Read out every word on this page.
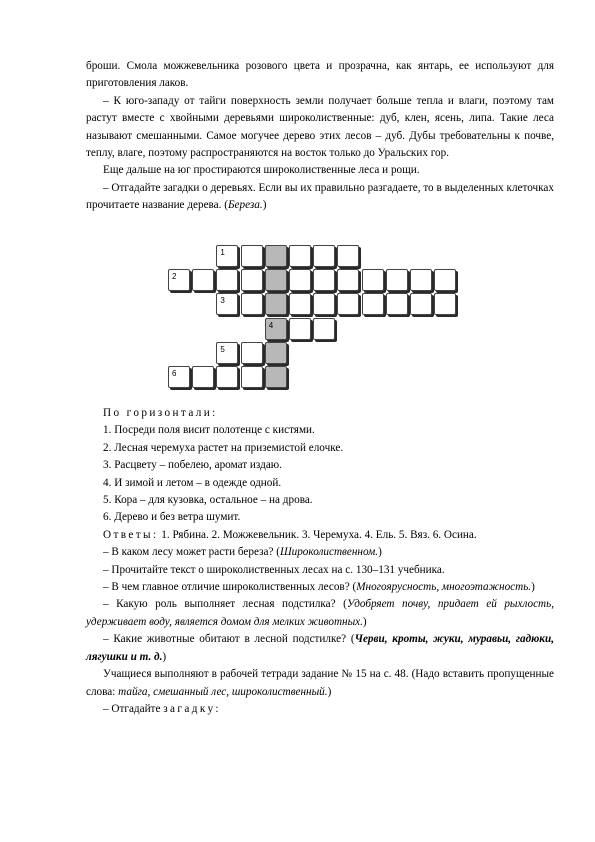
броши. Смола можжевельника розового цвета и прозрачна, как янтарь, ее используют для приготовления лаков.

– К юго-западу от тайги поверхность земли получает больше тепла и влаги, поэтому там растут вместе с хвойными деревьями широколиственные: дуб, клен, ясень, липа. Такие леса называют смешанными. Самое могучее дерево этих лесов – дуб. Дубы требовательны к почве, теплу, влаге, поэтому распространяются на восток только до Уральских гор.

Еще дальше на юг простираются широколиственные леса и рощи.

– Отгадайте загадки о деревьях. Если вы их правильно разгадаете, то в выделенных клеточках прочитаете название дерева. (Береза.)

1
2
3
4
5
6

По горизонтали:

1. Посреди поля висит полотенце с кистями.

2. Лесная черемуха растет на приземистой елочке.

3. Расцвету – побелею, аромат издаю.

4. И зимой и летом – в одежде одной.

5. Кора – для кузовка, остальное – на дрова.

6. Дерево и без ветра шумит.

Ответы: 1. Рябина. 2. Можжевельник. 3. Черемуха. 4. Ель. 5. Вяз. 6. Осина.

– В каком лесу может расти береза? (Широколиственном.)

– Прочитайте текст о широколиственных лесах на с. 130–131 учебника.

– В чем главное отличие широколиственных лесов? (Многоярусность, многоэтажность.)

– Какую роль выполняет лесная подстилка? (Удобряет почву, придает ей рыхлость, удерживает воду, является домом для мелких животных.)

– Какие животные обитают в лесной подстилке? (Черви, кроты, жуки, муравьи, гадюки, лягушки и т. д.)

Учащиеся выполняют в рабочей тетради задание № 15 на с. 48. (Надо вставить пропущенные слова: тайга, смешанный лес, широколиственный.)

– Отгадайте загадку:
